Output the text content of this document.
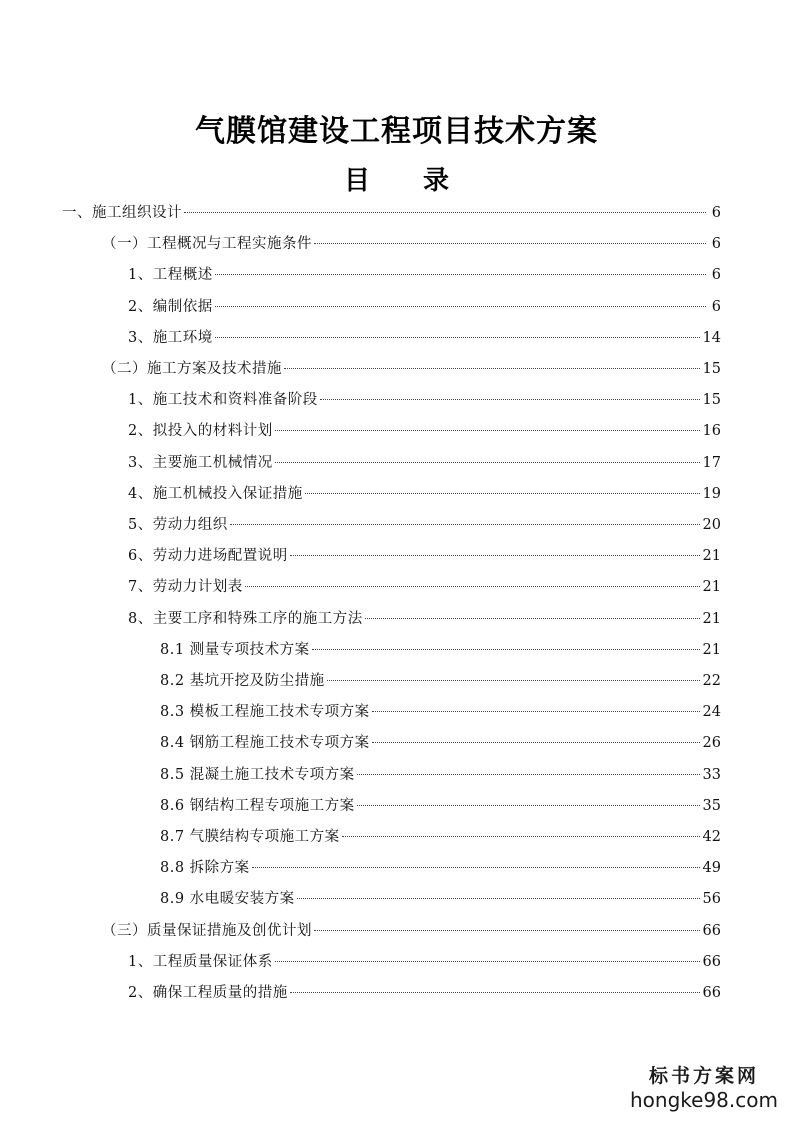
气膜馆建设工程项目技术方案
目 录
一、施工组织设计	6
（一）工程概况与工程实施条件	6
1、工程概述	6
2、编制依据	6
3、施工环境	14
（二）施工方案及技术措施	15
1、施工技术和资料准备阶段	15
2、拟投入的材料计划	16
3、主要施工机械情况	17
4、施工机械投入保证措施	19
5、劳动力组织	20
6、劳动力进场配置说明	21
7、劳动力计划表	21
8、主要工序和特殊工序的施工方法	21
8.1 测量专项技术方案	21
8.2 基坑开挖及防尘措施	22
8.3 模板工程施工技术专项方案	24
8.4 钢筋工程施工技术专项方案	26
8.5 混凝土施工技术专项方案	33
8.6 钢结构工程专项施工方案	35
8.7 气膜结构专项施工方案	42
8.8 拆除方案	49
8.9 水电暖安装方案	56
（三）质量保证措施及创优计划	66
1、工程质量保证体系	66
2、确保工程质量的措施	66
标书方案网
hongke98.com
